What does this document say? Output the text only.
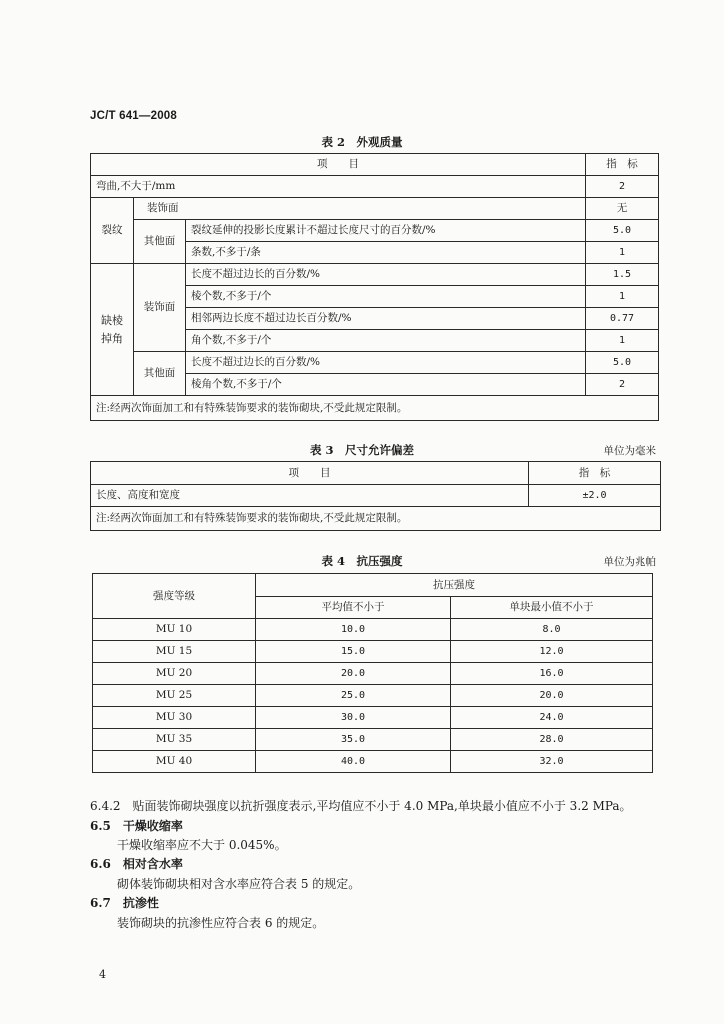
JC/T 641—2008
表 2　外观质量
项　　目			指　标
弯曲,不大于/mm			2
裂纹	装饰面		无
	其他面	裂纹延伸的投影长度累计不超过长度尺寸的百分数/%	5.0
		条数,不多于/条	1
缺棱掉角	装饰面	长度不超过边长的百分数/%	1.5
		棱个数,不多于/个	1
		相邻两边长度不超过边长百分数/%	0.77
		角个数,不多于/个	1
	其他面	长度不超过边长的百分数/%	5.0
		棱角个数,不多于/个	2
注:经两次饰面加工和有特殊装饰要求的装饰砌块,不受此规定限制。			
表 3　尺寸允许偏差	单位为毫米
项　　目	指　标
长度、高度和宽度	±2.0
注:经两次饰面加工和有特殊装饰要求的装饰砌块,不受此规定限制。	
表 4　抗压强度	单位为兆帕
强度等级	抗压强度	
	平均值不小于	单块最小值不小于
MU 10	10.0	8.0
MU 15	15.0	12.0
MU 20	20.0	16.0
MU 25	25.0	20.0
MU 30	30.0	24.0
MU 35	35.0	28.0
MU 40	40.0	32.0
6.4.2 贴面装饰砌块强度以抗折强度表示,平均值应不小于 4.0 MPa,单块最小值应不小于 3.2 MPa。
6.5 干燥收缩率
干燥收缩率应不大于 0.045%。
6.6 相对含水率
砌体装饰砌块相对含水率应符合表 5 的规定。
6.7 抗渗性
装饰砌块的抗渗性应符合表 6 的规定。
4
